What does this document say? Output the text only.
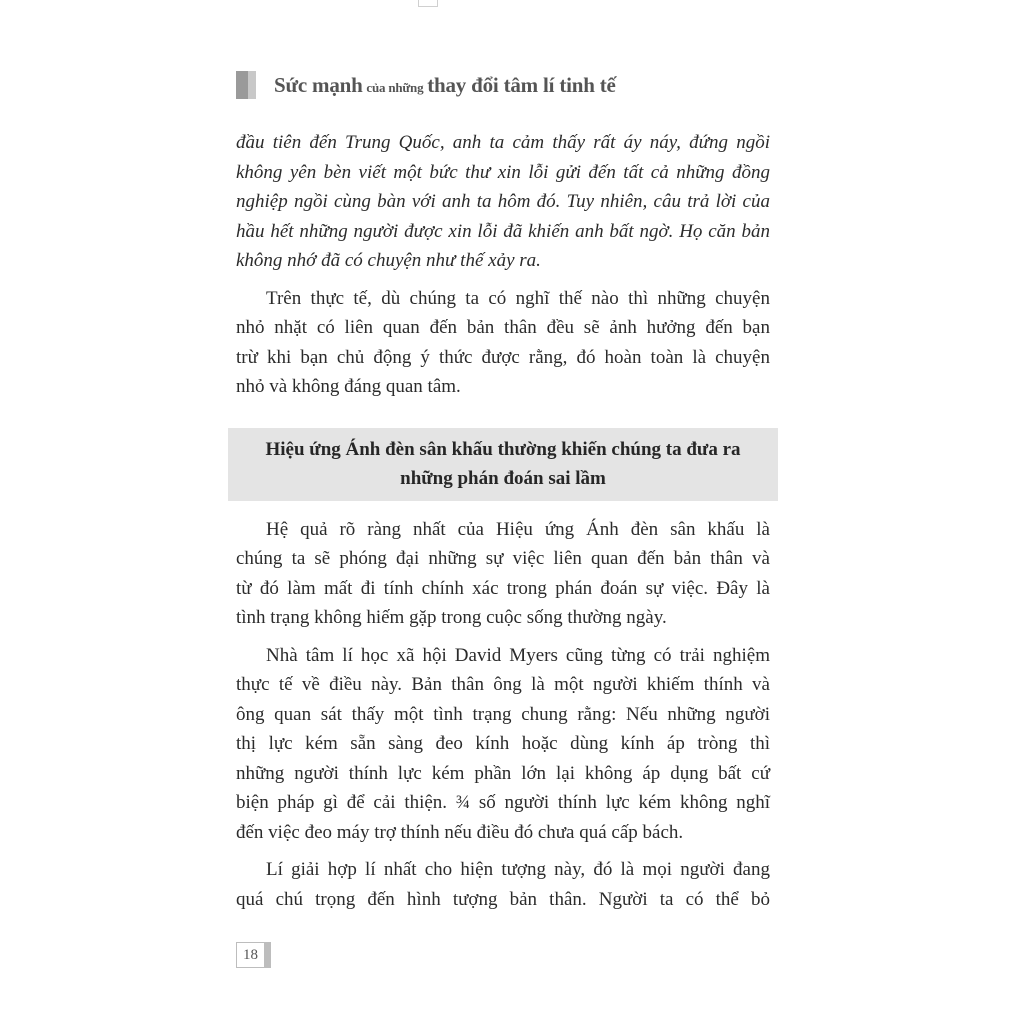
Sức mạnh của những thay đổi tâm lí tinh tế
đầu tiên đến Trung Quốc, anh ta cảm thấy rất áy náy, đứng ngồi
không yên bèn viết một bức thư xin lỗi gửi đến tất cả những đồng
nghiệp ngồi cùng bàn với anh ta hôm đó. Tuy nhiên, câu trả lời của
hầu hết những người được xin lỗi đã khiến anh bất ngờ. Họ căn bản
không nhớ đã có chuyện như thế xảy ra.
Trên thực tế, dù chúng ta có nghĩ thế nào thì những chuyện
nhỏ nhặt có liên quan đến bản thân đều sẽ ảnh hưởng đến bạn
trừ khi bạn chủ động ý thức được rằng, đó hoàn toàn là chuyện
nhỏ và không đáng quan tâm.
Hiệu ứng Ánh đèn sân khấu thường khiến chúng ta đưa ra
những phán đoán sai lầm
Hệ quả rõ ràng nhất của Hiệu ứng Ánh đèn sân khấu là
chúng ta sẽ phóng đại những sự việc liên quan đến bản thân và
từ đó làm mất đi tính chính xác trong phán đoán sự việc. Đây là
tình trạng không hiếm gặp trong cuộc sống thường ngày.
Nhà tâm lí học xã hội David Myers cũng từng có trải nghiệm
thực tế về điều này. Bản thân ông là một người khiếm thính và
ông quan sát thấy một tình trạng chung rằng: Nếu những người
thị lực kém sẵn sàng đeo kính hoặc dùng kính áp tròng thì
những người thính lực kém phần lớn lại không áp dụng bất cứ
biện pháp gì để cải thiện. ¾ số người thính lực kém không nghĩ
đến việc đeo máy trợ thính nếu điều đó chưa quá cấp bách.
Lí giải hợp lí nhất cho hiện tượng này, đó là mọi người đang
quá chú trọng đến hình tượng bản thân. Người ta có thể bỏ
18
